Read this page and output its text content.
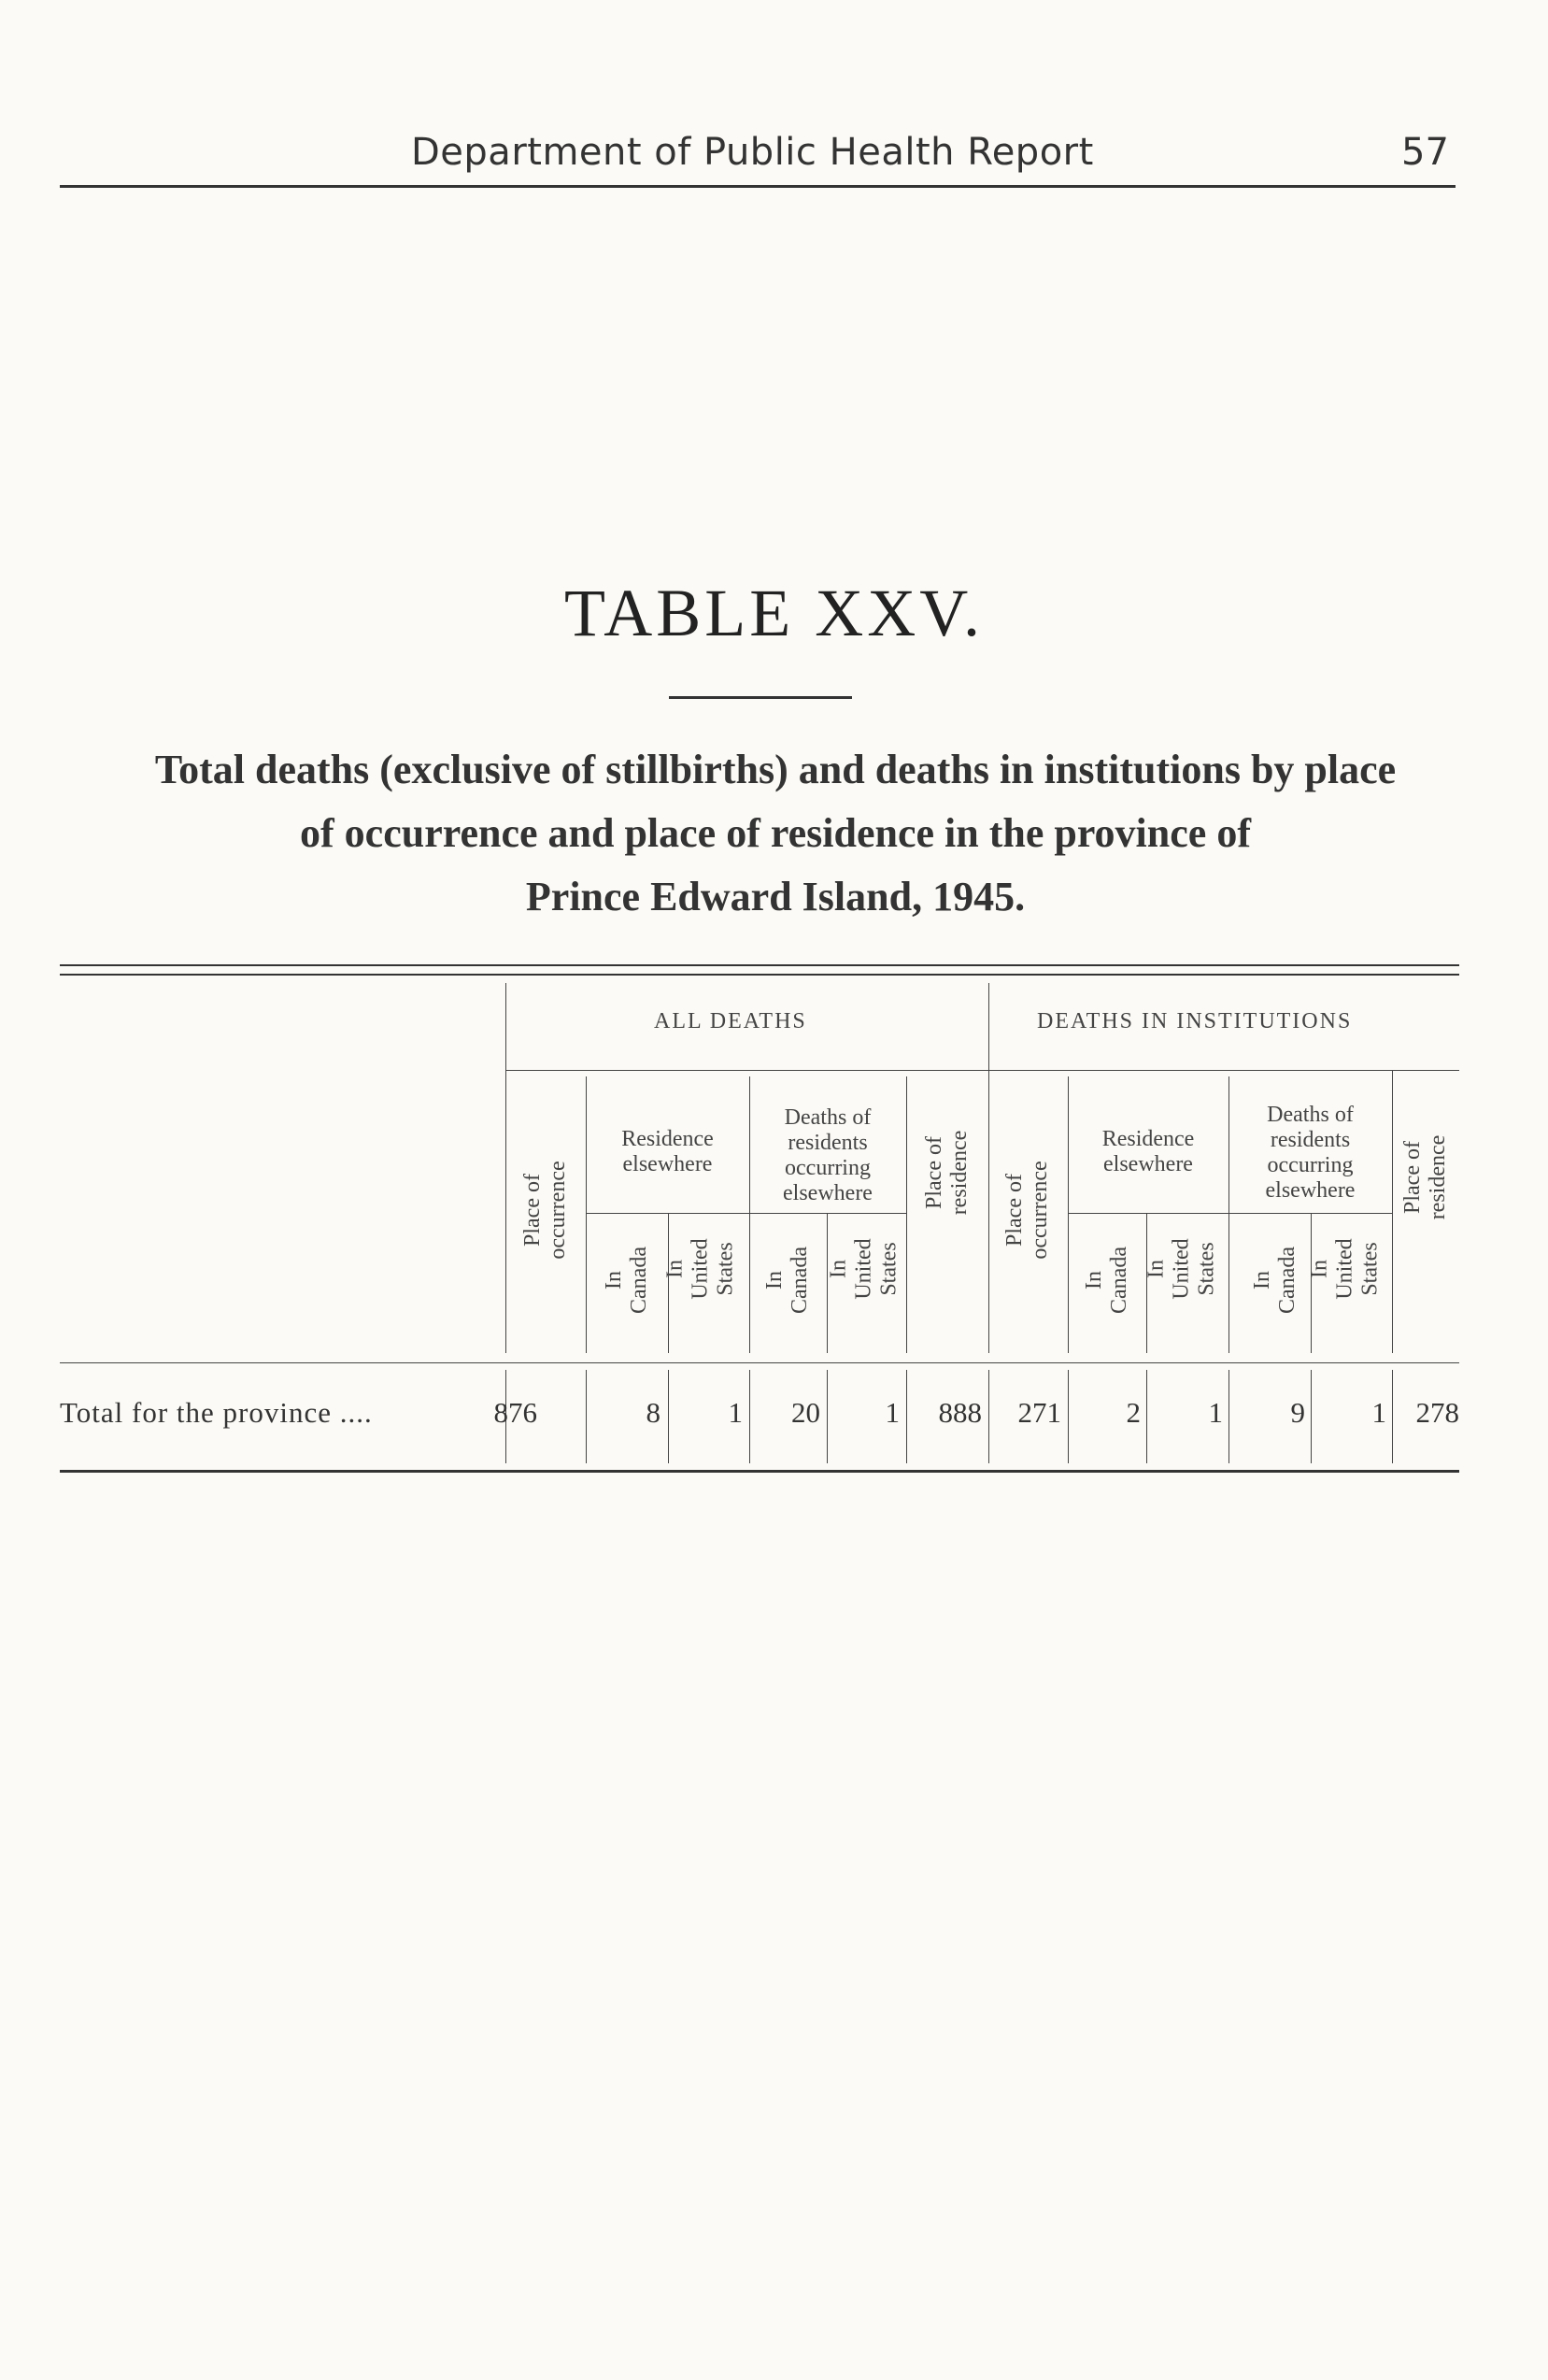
Department of Public Health Report	57
TABLE XXV.
Total deaths (exclusive of stillbirths) and deaths in institutions by place
of occurrence and place of residence in the province of
Prince Edward Island, 1945.
ALL DEATHS	DEATHS IN INSTITUTIONS
Place of occurrence
Residence
elsewhere
Deaths of
residents
occurring
elsewhere	Place of residence
In Canada In United States In Canada In United States
Place of occurrence
Residence
elsewhere
Deaths of
residents
occurring
elsewhere	Place of residence
In Canada In United States In Canada In United States
Total for the province ....	876	8 1 20 1 888 271 2 1 9 1 278
